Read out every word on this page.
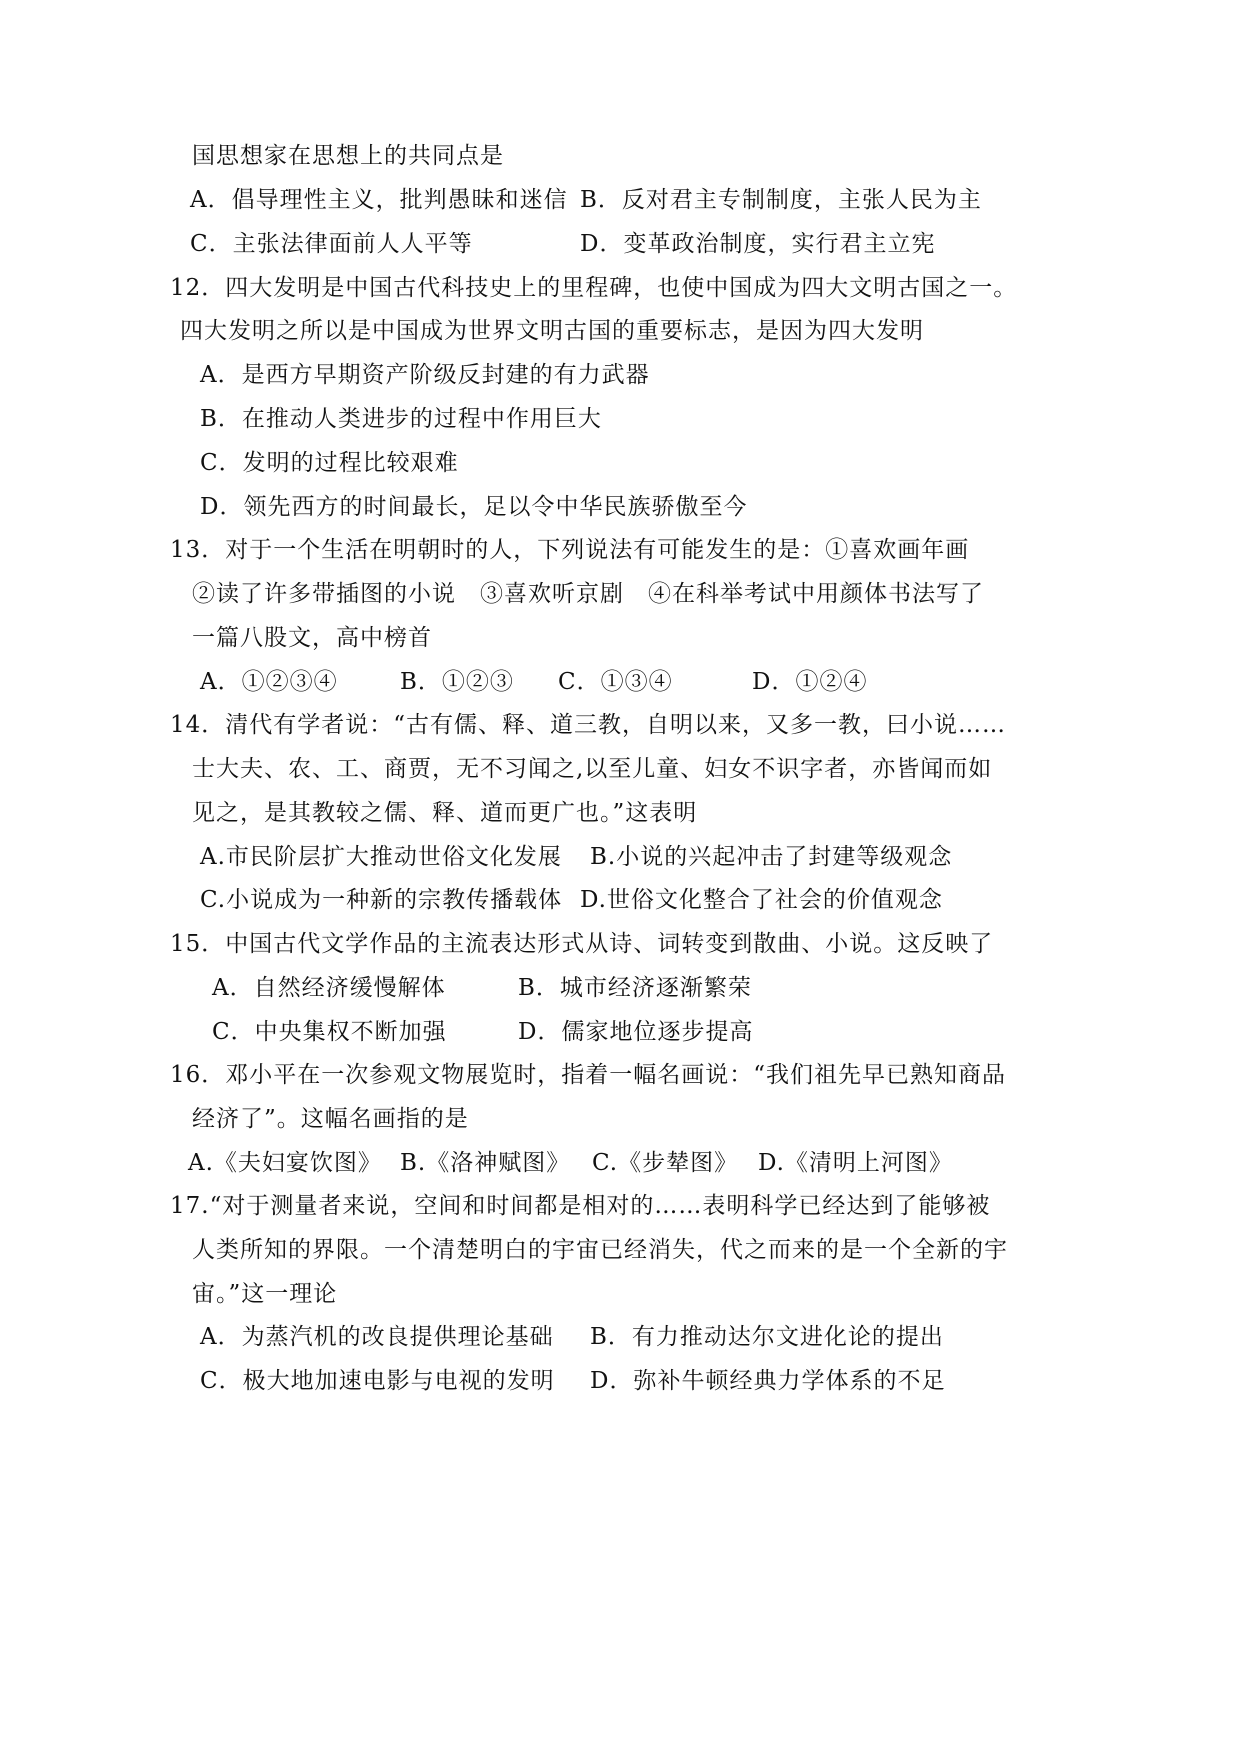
国思想家在思想上的共同点是
A．倡导理性主义，批判愚昧和迷信 B．反对君主专制制度，主张人民为主
C．主张法律面前人人平等	D．变革政治制度，实行君主立宪
12．四大发明是中国古代科技史上的里程碑，也使中国成为四大文明古国之一。
四大发明之所以是中国成为世界文明古国的重要标志，是因为四大发明
A．是西方早期资产阶级反封建的有力武器
B．在推动人类进步的过程中作用巨大
C．发明的过程比较艰难
D．领先西方的时间最长，足以令中华民族骄傲至今
13．对于一个生活在明朝时的人，下列说法有可能发生的是：①喜欢画年画
②读了许多带插图的小说　③喜欢听京剧　④在科举考试中用颜体书法写了
一篇八股文，高中榜首
A．①②③④	B．①②③ C．①③④	D．①②④
14．清代有学者说：“古有儒、释、道三教，自明以来，又多一教，曰小说……
士大夫、农、工、商贾，无不习闻之,以至儿童、妇女不识字者，亦皆闻而如
见之，是其教较之儒、释、道而更广也。”这表明
A.市民阶层扩大推动世俗文化发展 B.小说的兴起冲击了封建等级观念
C.小说成为一种新的宗教传播载体 D.世俗文化整合了社会的价值观念
15．中国古代文学作品的主流表达形式从诗、词转变到散曲、小说。这反映了
A．自然经济缓慢解体	B．城市经济逐渐繁荣
C．中央集权不断加强	D．儒家地位逐步提高
16．邓小平在一次参观文物展览时，指着一幅名画说：“我们祖先早已熟知商品
经济了”。这幅名画指的是
A.《夫妇宴饮图》 B.《洛神赋图》 C.《步辇图》 D.《清明上河图》
17.“对于测量者来说，空间和时间都是相对的……表明科学已经达到了能够被
人类所知的界限。一个清楚明白的宇宙已经消失，代之而来的是一个全新的宇
宙。”这一理论
A．为蒸汽机的改良提供理论基础 B．有力推动达尔文进化论的提出
C．极大地加速电影与电视的发明 D．弥补牛顿经典力学体系的不足
